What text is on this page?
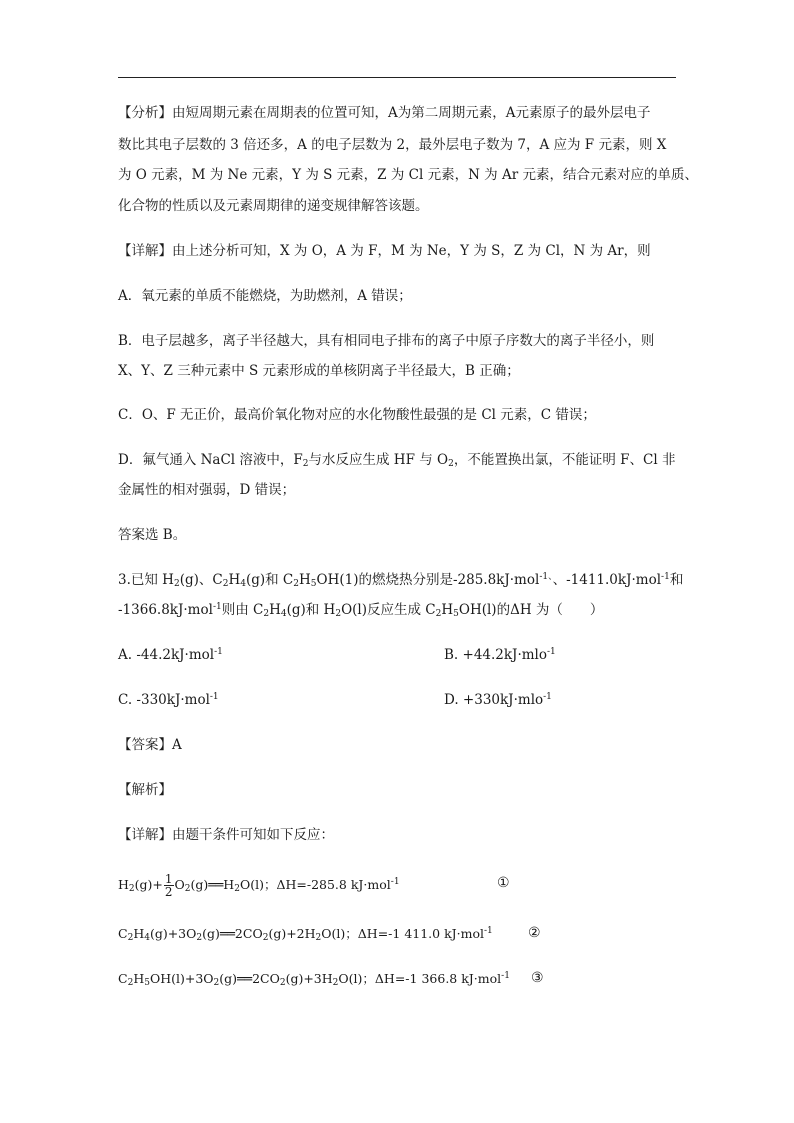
【分析】由短周期元素在周期表的位置可知，A为第二周期元素，A元素原子的最外层电子
数比其电子层数的 3 倍还多，A 的电子层数为 2，最外层电子数为 7，A 应为 F 元素，则 X
为 O 元素，M 为 Ne 元素，Y 为 S 元素，Z 为 Cl 元素，N 为 Ar 元素，结合元素对应的单质、
化合物的性质以及元素周期律的递变规律解答该题。
【详解】由上述分析可知，X 为 O，A 为 F，M 为 Ne，Y 为 S，Z 为 Cl，N 为 Ar，则
A．氧元素的单质不能燃烧，为助燃剂，A 错误；
B．电子层越多，离子半径越大，具有相同电子排布的离子中原子序数大的离子半径小，则
X、Y、Z 三种元素中 S 元素形成的单核阴离子半径最大，B 正确；
C．O、F 无正价，最高价氧化物对应的水化物酸性最强的是 Cl 元素，C 错误；
D．氟气通入 NaCl 溶液中，$F_2$与水反应生成 HF 与 $O_2$，不能置换出氯，不能证明 F、Cl 非
金属性的相对强弱，D 错误；
答案选 B。
3.已知 $H_2(g)$、$C_2H_4(g)$和 $C_2H_5OH(1)$的燃烧热分别是-285.8kJ·mol$^{-1、}$、-1411.0kJ·mol$^{-1}$和
-1366.8kJ·mol$^{-1}$则由 $C_2H_4(g)$和 $H_2O(l)$反应生成 $C_2H_5OH(l)$的ΔH 为（　　）
A. -44.2kJ·mol$^{-1}$	B. +44.2kJ·mlo$^{-1}$
C. -330kJ·mol$^{-1}$	D. +330kJ·mlo$^{-1}$
【答案】A
【解析】
【详解】由题干条件可知如下反应：
$H_2(g)+ \frac{1}{2}$ $O_2(g)══H_2O(l)$；ΔH=-285.8 kJ·mol$^{-1}$	①
$C_2H_4(g)+3O_2(g)══2CO_2(g)+2H_2O(l)$；ΔH=-1 411.0 kJ·mol$^{-1}$	②
$C_2H_5OH(l)+3O_2(g)══2CO_2(g)+3H_2O(l)$；ΔH=-1 366.8 kJ·mol$^{-1}$ ③
